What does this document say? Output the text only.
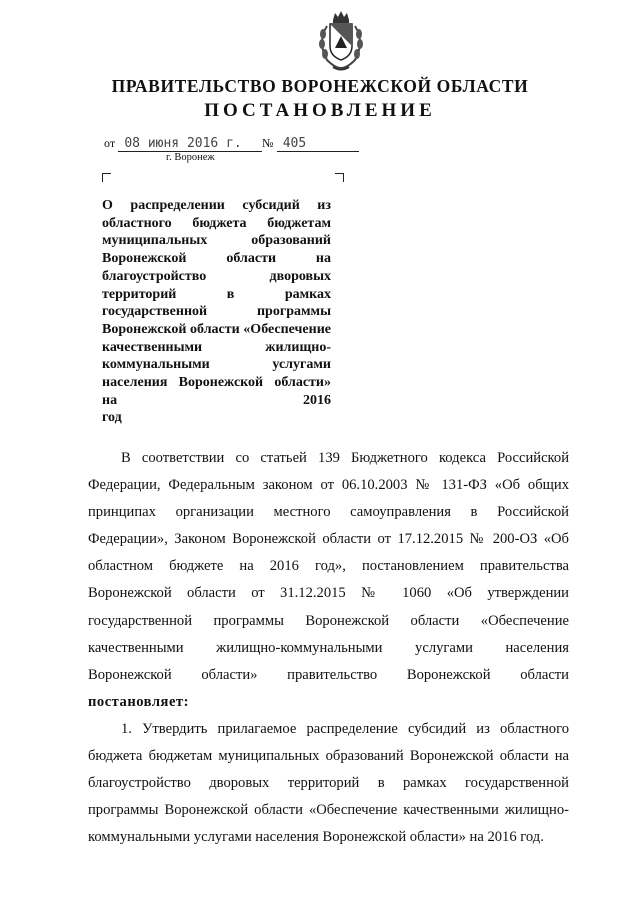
ПРАВИТЕЛЬСТВО ВОРОНЕЖСКОЙ ОБЛАСТИ
ПОСТАНОВЛЕНИЕ
от 08 июня 2016 г.	№ 405
г. Воронеж

О распределении субсидий из областного бюджета бюджетам муниципальных образований Воронежской области на благоустройство дворовых территорий в рамках государственной программы Воронежской области «Обеспечение качественными жилищно-коммунальными услугами населения Воронежской области» на 2016
год

В соответствии со статьей 139 Бюджетного кодекса Российской Федерации, Федеральным законом от 06.10.2003 № 131-ФЗ «Об общих принципах организации местного самоуправления в Российской Федерации», Законом Воронежской области от 17.12.2015 № 200-ОЗ «Об областном бюджете на 2016 год», постановлением правительства Воронежской области от 31.12.2015 № 1060 «Об утверждении государственной программы Воронежской области «Обеспечение качественными жилищно-коммунальными услугами населения Воронежской области» правительство Воронежской области постановляет:

1. Утвердить прилагаемое распределение субсидий из областного бюджета бюджетам муниципальных образований Воронежской области на благоустройство дворовых территорий в рамках государственной программы Воронежской области «Обеспечение качественными жилищно-коммунальными услугами населения Воронежской области» на 2016 год.
